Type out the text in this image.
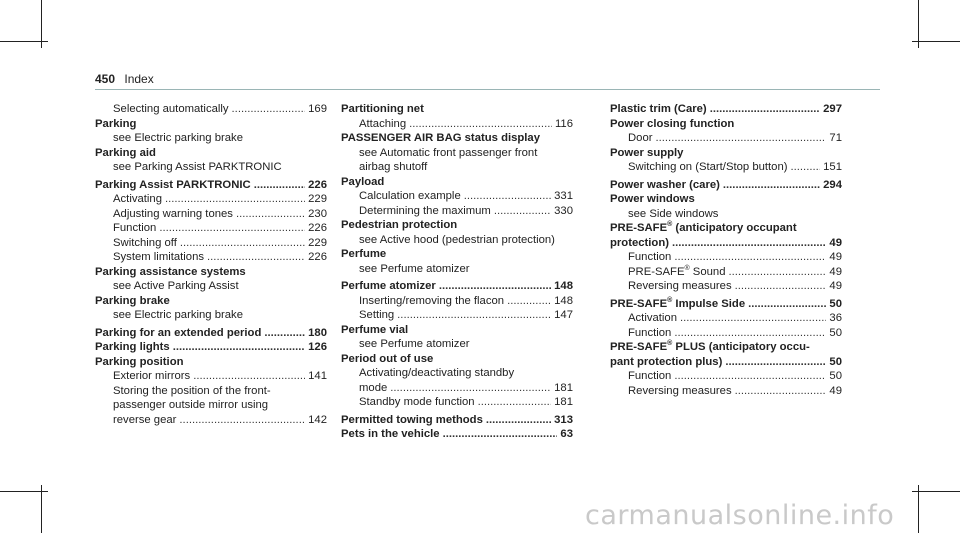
450 Index
Selecting automatically .....	169
Parking
see Electric parking brake
Parking aid
see Parking Assist PARKTRONIC
Parking Assist PARKTRONIC .....	226
Activating .....	229
Adjusting warning tones .....	230
Function .....	226
Switching off .....	229
System limitations .....	226
Parking assistance systems
see Active Parking Assist
Parking brake
see Electric parking brake
Parking for an extended period .....	180
Parking lights .....	126
Parking position
Exterior mirrors .....	141
Storing the position of the front-
passenger outside mirror using
reverse gear .....	142
Partitioning net
Attaching .....	116
PASSENGER AIR BAG status display
see Automatic front passenger front
airbag shutoff
Payload
Calculation example .....	331
Determining the maximum .....	330
Pedestrian protection
see Active hood (pedestrian protection)
Perfume
see Perfume atomizer
Perfume atomizer .....	148
Inserting/removing the flacon .....	148
Setting .....	147
Perfume vial
see Perfume atomizer
Period out of use
Activating/deactivating standby
mode .....	181
Standby mode function .....	181
Permitted towing methods .....	313
Pets in the vehicle .....	63
Plastic trim (Care) .....	297
Power closing function
Door .....	71
Power supply
Switching on (Start/Stop button) .....	151
Power washer (care) .....	294
Power windows
see Side windows
PRE-SAFE® (anticipatory occupant
protection) .....	49
Function .....	49
PRE-SAFE® Sound .....	49
Reversing measures .....	49
PRE-SAFE® Impulse Side .....	50
Activation .....	36
Function .....	50
PRE-SAFE® PLUS (anticipatory occu-
pant protection plus) .....	50
Function .....	50
Reversing measures .....	49
carmanualsonline.info
